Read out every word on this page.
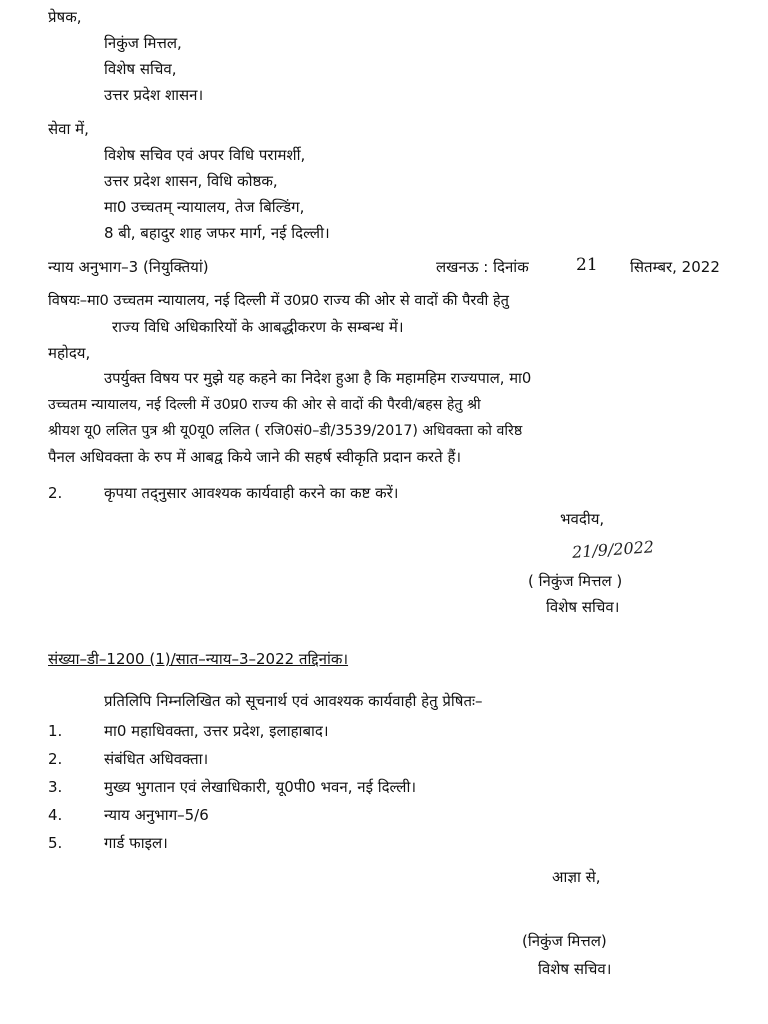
प्रेषक,
निकुंज मित्तल,
विशेष सचिव,
उत्तर प्रदेश शासन।
सेवा में,
विशेष सचिव एवं अपर विधि परामर्शी,
उत्तर प्रदेश शासन, विधि कोष्ठक,
मा0 उच्चतम् न्यायालय, तेज बिल्डिंग,
8 बी, बहादुर शाह जफर मार्ग, नई दिल्ली।
न्याय अनुभाग–3 (नियुक्तियां)	लखनऊ : दिनांक	21 सितम्बर, 2022
विषयः–मा0 उच्चतम न्यायालय, नई दिल्ली में उ0प्र0 राज्य की ओर से वादों की पैरवी हेतु
राज्य विधि अधिकारियों के आबद्धीकरण के सम्बन्ध में।
महोदय,
उपर्युक्त विषय पर मुझे यह कहने का निदेश हुआ है कि महामहिम राज्यपाल, मा0
उच्चतम न्यायालय, नई दिल्ली में उ0प्र0 राज्य की ओर से वादों की पैरवी/बहस हेतु श्री
श्रीयश यू0 ललित पुत्र श्री यू0यू0 ललित ( रजि0सं0–डी/3539/2017) अधिवक्ता को वरिष्ठ
पैनल अधिवक्ता के रुप में आबद्व किये जाने की सहर्ष स्वीकृति प्रदान करते हैं।
2.	कृपया तद्नुसार आवश्यक कार्यवाही करने का कष्ट करें।
भवदीय,
21/9/2022
( निकुंज मित्तल )
विशेष सचिव।
संख्या–डी–1200 (1)/सात–न्याय–3–2022 तद्दिनांक।
प्रतिलिपि निम्नलिखित को सूचनार्थ एवं आवश्यक कार्यवाही हेतु प्रेषितः–
1.	मा0 महाधिवक्ता, उत्तर प्रदेश, इलाहाबाद।
2.	संबंधित अधिवक्ता।
3.	मुख्य भुगतान एवं लेखाधिकारी, यू0पी0 भवन, नई दिल्ली।
4.	न्याय अनुभाग–5/6
5.	गार्ड फाइल।
आज्ञा से,
(निकुंज मित्तल)
विशेष सचिव।
